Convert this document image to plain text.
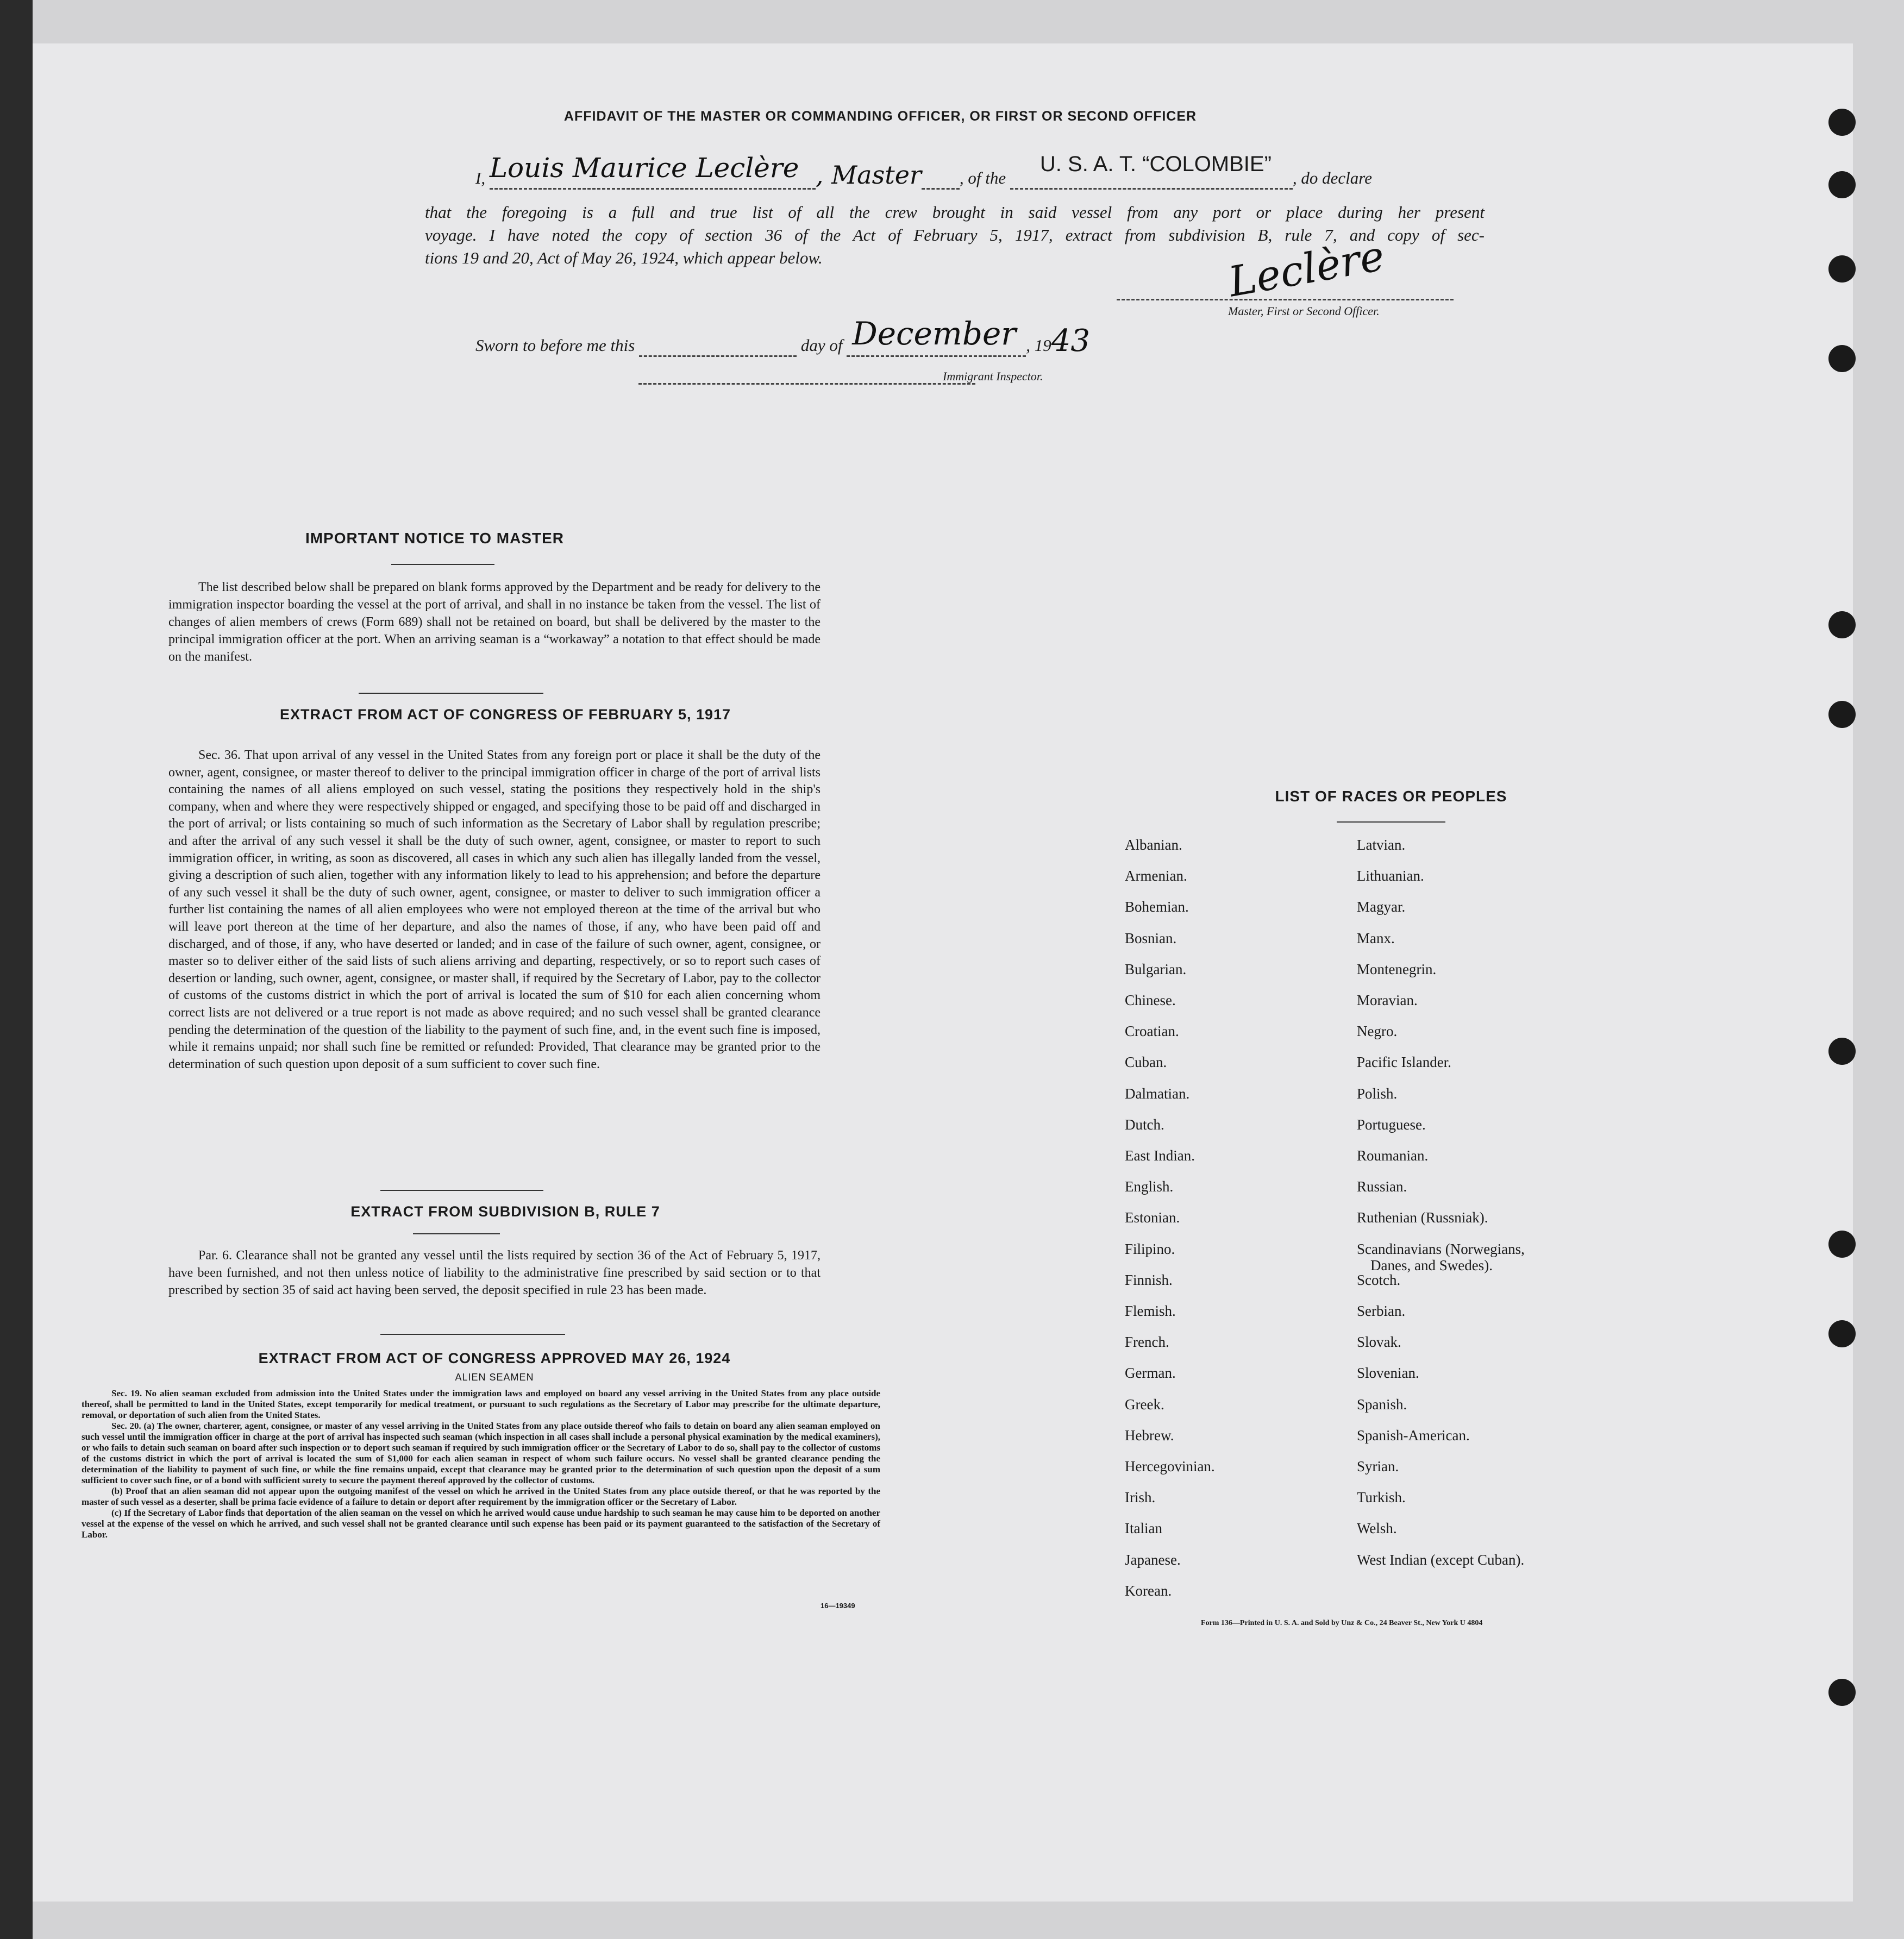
AFFIDAVIT OF THE MASTER OR COMMANDING OFFICER, OR FIRST OR SECOND OFFICER
I, Louis Maurice Leclère , Master , of the
U. S. A. T. “COLOMBIE”
, do declare
that the foregoing is a full and true list of all the crew brought in said vessel from any port or place during her present
voyage. I have noted the copy of section 36 of the Act of February 5, 1917, extract from subdivision B, rule 7, and copy of sec-
tions 19 and 20, Act of May 26, 1924, which appear below.	Leclère
Master, First or Second Officer.
Sworn to before me this	day of December , 1943
Immigrant Inspector.
IMPORTANT NOTICE TO MASTER
The list described below shall be prepared on blank forms approved by the Department and be ready for delivery to the immigration inspector boarding the vessel at the port of arrival, and shall in no instance be taken from the vessel. The list of changes of alien members of crews (Form 689) shall not be retained on board, but shall be delivered by the master to the principal immigration officer at the port. When an arriving seaman is a “workaway” a notation to that effect should be made on the manifest.
EXTRACT FROM ACT OF CONGRESS OF FEBRUARY 5, 1917
Sec. 36. That upon arrival of any vessel in the United States from any foreign port or place it shall be the duty of the owner, agent, consignee, or master thereof to deliver to the principal immigration officer in charge of the port of arrival lists containing the names of all aliens employed on such vessel, stating the positions they respectively hold in the ship's company, when and where they were respectively shipped or engaged, and specifying those to be paid off and discharged in the port of arrival; or lists containing so much of such information as the Secretary of Labor shall by regulation prescribe; and after the arrival of any such vessel it shall be the duty of such owner, agent, consignee, or master to report to such immigration officer, in writing, as soon as discovered, all cases in which any such alien has illegally landed from the vessel, giving a description of such alien, together with any information likely to lead to his apprehension; and before the departure of any such vessel it shall be the duty of such owner, agent, consignee, or master to deliver to such immigration officer a further list containing the names of all alien employees who were not employed thereon at the time of the arrival but who will leave port thereon at the time of her departure, and also the names of those, if any, who have been paid off and discharged, and of those, if any, who have deserted or landed; and in case of the failure of such owner, agent, consignee, or master so to deliver either of the said lists of such aliens arriving and departing, respectively, or so to report such cases of desertion or landing, such owner, agent, consignee, or master shall, if required by the Secretary of Labor, pay to the collector of customs of the customs district in which the port of arrival is located the sum of $10 for each alien concerning whom correct lists are not delivered or a true report is not made as above required; and no such vessel shall be granted clearance pending the determination of the question of the liability to the payment of such fine, and, in the event such fine is imposed, while it remains unpaid; nor shall such fine be remitted or refunded: Provided, That clearance may be granted prior to the determination of such question upon deposit of a sum sufficient to cover such fine.
EXTRACT FROM SUBDIVISION B, RULE 7
Par. 6. Clearance shall not be granted any vessel until the lists required by section 36 of the Act of February 5, 1917, have been furnished, and not then unless notice of liability to the administrative fine prescribed by said section or to that prescribed by section 35 of said act having been served, the deposit specified in rule 23 has been made.
EXTRACT FROM ACT OF CONGRESS APPROVED MAY 26, 1924
ALIEN SEAMEN
Sec. 19. No alien seaman excluded from admission into the United States under the immigration laws and employed on board any vessel arriving in the United States from any place outside thereof, shall be permitted to land in the United States, except temporarily for medical treatment, or pursuant to such regulations as the Secretary of Labor may prescribe for the ultimate departure, removal, or deportation of such alien from the United States.
Sec. 20. (a) The owner, charterer, agent, consignee, or master of any vessel arriving in the United States from any place outside thereof who fails to detain on board any alien seaman employed on such vessel until the immigration officer in charge at the port of arrival has inspected such seaman (which inspection in all cases shall include a personal physical examination by the medical examiners), or who fails to detain such seaman on board after such inspection or to deport such seaman if required by such immigration officer or the Secretary of Labor to do so, shall pay to the collector of customs of the customs district in which the port of arrival is located the sum of $1,000 for each alien seaman in respect of whom such failure occurs. No vessel shall be granted clearance pending the determination of the liability to payment of such fine, or while the fine remains unpaid, except that clearance may be granted prior to the determination of such question upon the deposit of a sum sufficient to cover such fine, or of a bond with sufficient surety to secure the payment thereof approved by the collector of customs.
(b) Proof that an alien seaman did not appear upon the outgoing manifest of the vessel on which he arrived in the United States from any place outside thereof, or that he was reported by the master of such vessel as a deserter, shall be prima facie evidence of a failure to detain or deport after requirement by the immigration officer or the Secretary of Labor.
(c) If the Secretary of Labor finds that deportation of the alien seaman on the vessel on which he arrived would cause undue hardship to such seaman he may cause him to be deported on another vessel at the expense of the vessel on which he arrived, and such vessel shall not be granted clearance until such expense has been paid or its payment guaranteed to the satisfaction of the Secretary of Labor.
16—19349
LIST OF RACES OR PEOPLES
Albanian.
Armenian.
Bohemian.
Bosnian.
Bulgarian.
Chinese.
Croatian.
Cuban.
Dalmatian.
Dutch.
East Indian.
English.
Estonian.
Filipino.
Finnish.
Flemish.
French.
German.
Greek.
Hebrew.
Hercegovinian.
Irish.
Italian
Japanese.
Korean.
Latvian.
Lithuanian.
Magyar.
Manx.
Montenegrin.
Moravian.
Negro.
Pacific Islander.
Polish.
Portuguese.
Roumanian.
Russian.
Ruthenian (Russniak).
Scandinavians (Norwegians,
Danes, and Swedes).
Scotch.
Serbian.
Slovak.
Slovenian.
Spanish.
Spanish-American.
Syrian.
Turkish.
Welsh.
West Indian (except Cuban).
Form 136—Printed in U. S. A. and Sold by Unz & Co., 24 Beaver St., New York U 4804
